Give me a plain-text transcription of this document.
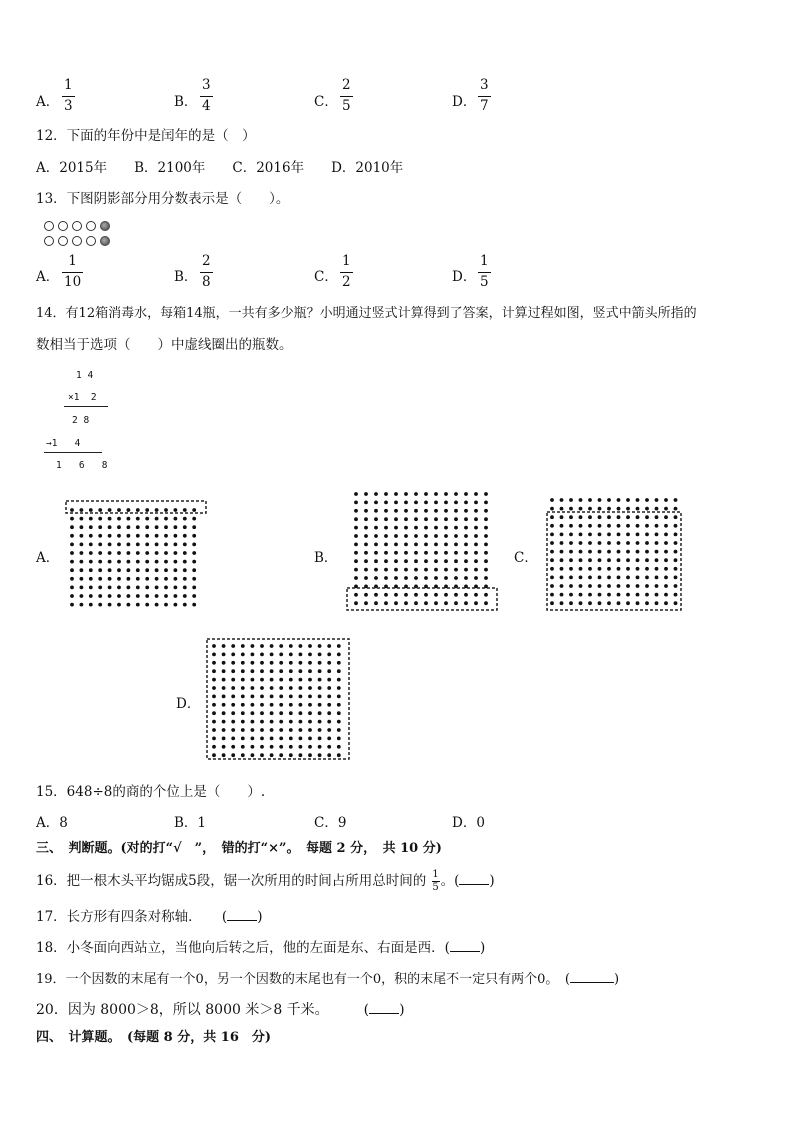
A．
1
3	B．
3
4	C．
2
5	D．
3
7
12．下面的年份中是闰年的是（　）
A．2015年　　B．2100年　　C．2016年　　D．2010年
13．下图阴影部分用分数表示是（　　）。
A．
1
10	B．
2
8	C．
1
2	D．
1
5
14．有12箱消毒水，每箱14瓶，一共有多少瓶？小明通过竖式计算得到了答案，计算过程如图，竖式中箭头所指的
数相当于选项（　　）中虚线圈出的瓶数。
1 4
×1  2
2 8
→1   4
1   6   8
A．	B．	C．
D．
15．648÷8的商的个位上是（　　）.
A．8	B．1	C．9	D．0
三、　判断题。(对的打“√　”，　错的打“×”。　每题 2 分，　共 10 分)
16．把一根木头平均锯成5段，锯一次所用的时间占所用总时间的 $\frac{1}{5}$ 。( )
17．长方形有四条对称轴．　　( )
18．小冬面向西站立，当他向后转之后，他的左面是东、右面是西．( )
19．一个因数的末尾有一个0，另一个因数的末尾也有一个0，积的末尾不一定只有两个0。　(	)
20．因为 8000＞8，所以 8000 米＞8 千米。　　　( )
四、　计算题。　(每题 8 分，共 16　分)
